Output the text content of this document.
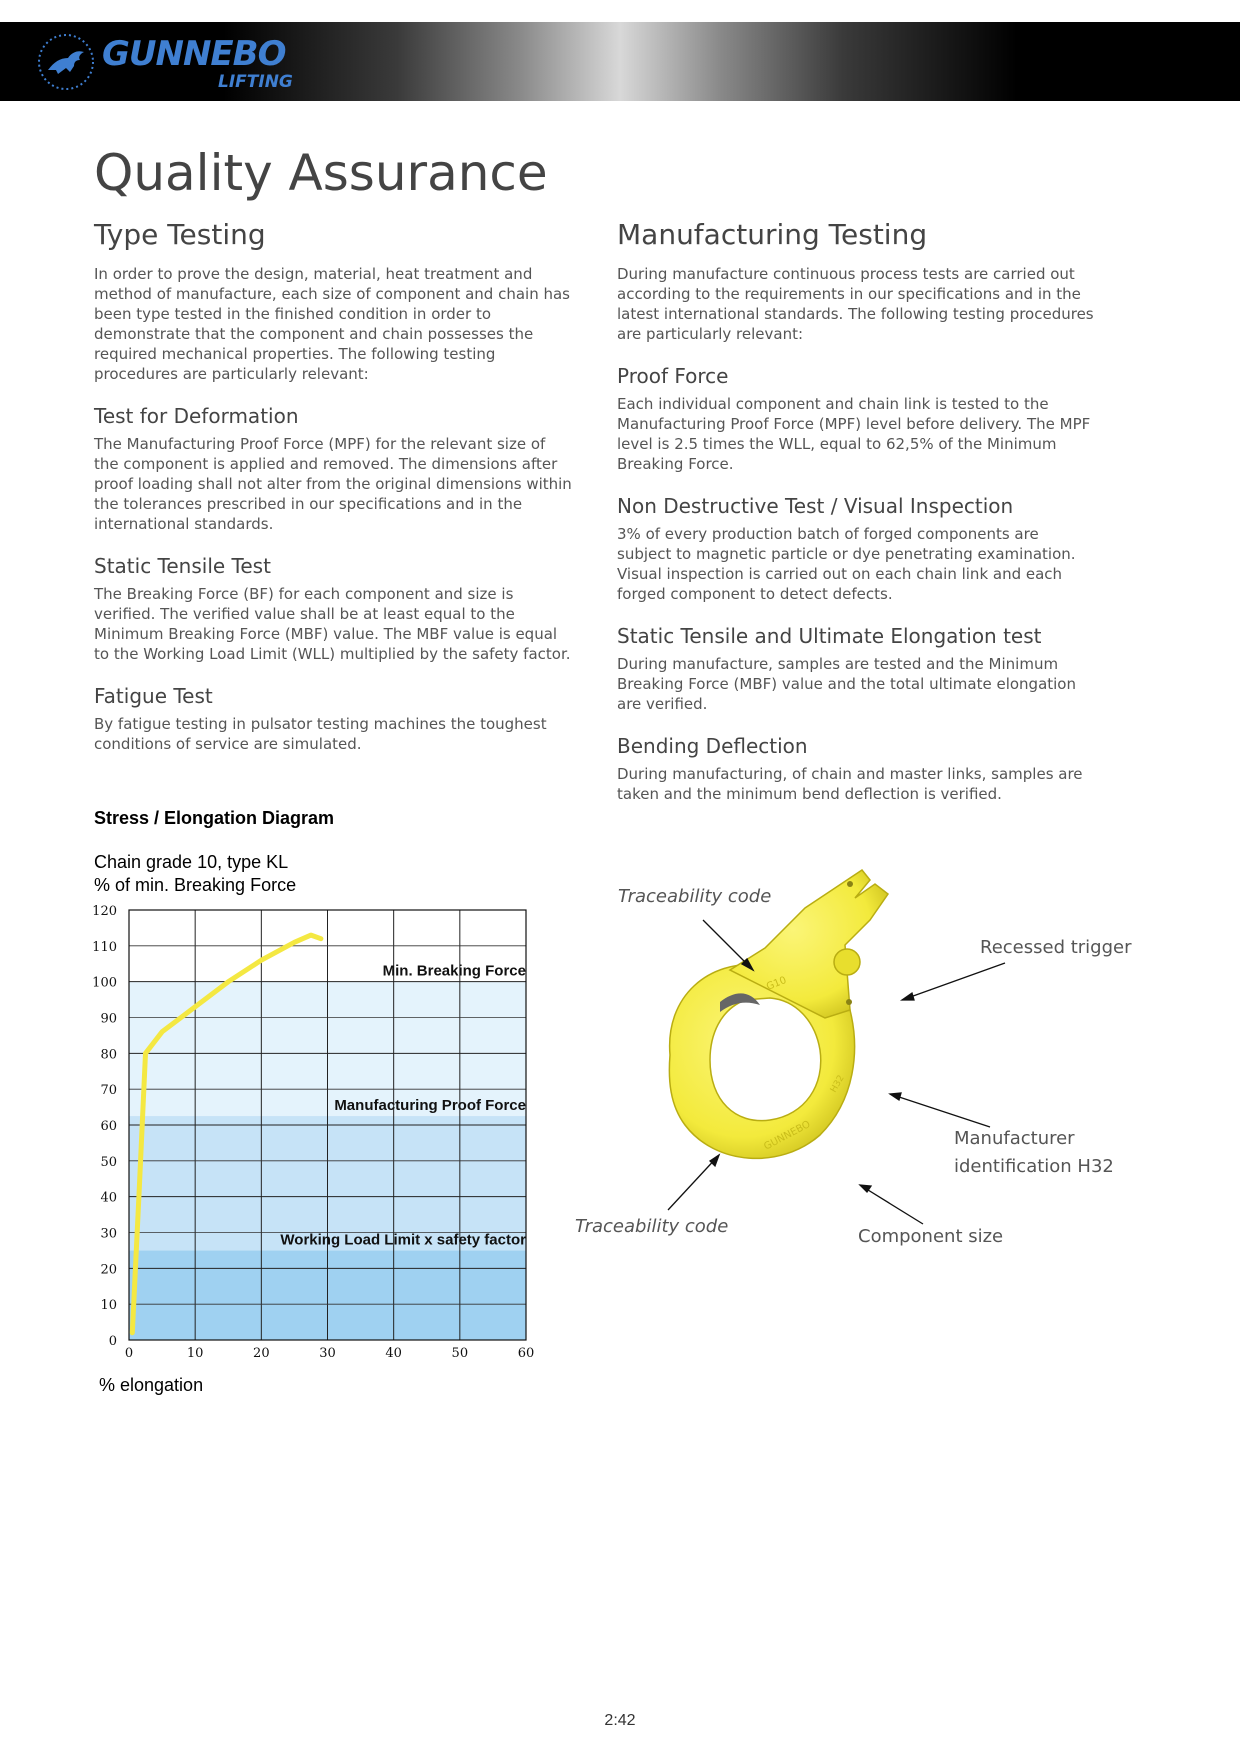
GUNNEBO
LIFTING
Quality Assurance
Type Testing

In order to prove the design, material, heat treatment and method of manufacture, each size of component and chain has been type tested in the finished condition in order to demonstrate that the component and chain possesses the required mechanical properties. The following testing procedures are particularly relevant:

Test for Deformation

The Manufacturing Proof Force (MPF) for the relevant size of the component is applied and removed. The dimensions after proof loading shall not alter from the original dimensions within the tolerances prescribed in our specifications and in the international standards.

Static Tensile Test

The Breaking Force (BF) for each component and size is verified. The verified value shall be at least equal to the Minimum Breaking Force (MBF) value. The MBF value is equal to the Working Load Limit (WLL) multiplied by the safety factor.

Fatigue Test

By fatigue testing in pulsator testing machines the toughest conditions of service are simulated.

Manufacturing Testing

During manufacture continuous process tests are carried out according to the requirements in our specifications and in the latest international standards. The following testing procedures are particularly relevant:

Proof Force

Each individual component and chain link is tested to the Manufacturing Proof Force (MPF) level before delivery. The MPF level is 2.5 times the WLL, equal to 62,5% of the Minimum Breaking Force.

Non Destructive Test / Visual Inspection

3% of every production batch of forged components are subject to magnetic particle or dye penetrating examination. Visual inspection is carried out on each chain link and each forged component to detect defects.

Static Tensile and Ultimate Elongation test

During manufacture, samples are tested and the Minimum Breaking Force (MBF) value and the total ultimate elongation are verified.

Bending Deflection

During manufacturing, of chain and master links, samples are taken and the minimum bend deflection is verified.

Stress / Elongation Diagram
Chain grade 10, type KL
% of min. Breaking Force
0
10
20
30
40
50
60
70
80
90
100
110
120
0	10	20	30	40	50	60
Working Load Limit x safety factor
Manufacturing Proof Force
Min. Breaking Force
% elongation
G10
GUNNEBO
H32
Traceability code
Recessed trigger
Manufacturer
identification H32
Traceability code	Component size
2:42
